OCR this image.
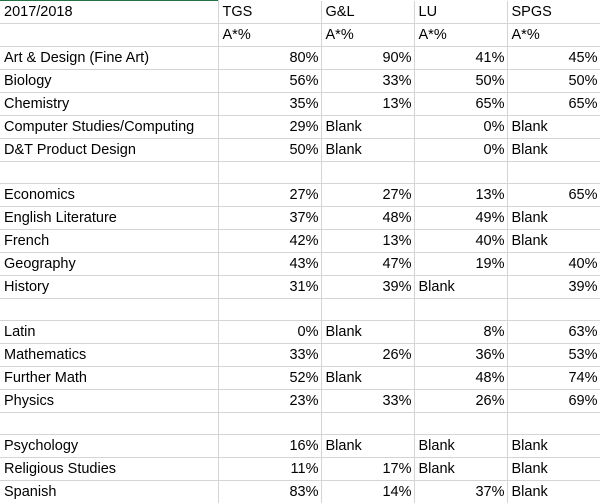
2017/2018	TGS	G&L	LU	SPGS
	A*%	A*%	A*%	A*%
Art & Design (Fine Art)	80%	90%	41%	45%
Biology	56%	33%	50%	50%
Chemistry	35%	13%	65%	65%
Computer Studies/Computing	29%	Blank	0%	Blank
D&T Product Design	50%	Blank	0%	Blank

Economics	27%	27%	13%	65%
English Literature	37%	48%	49%	Blank
French	42%	13%	40%	Blank
Geography	43%	47%	19%	40%
History	31%	39%	Blank	39%

Latin	0%	Blank	8%	63%
Mathematics	33%	26%	36%	53%
Further Math	52%	Blank	48%	74%
Physics	23%	33%	26%	69%

Psychology	16%	Blank	Blank	Blank
Religious Studies	11%	17%	Blank	Blank
Spanish	83%	14%	37%	Blank
